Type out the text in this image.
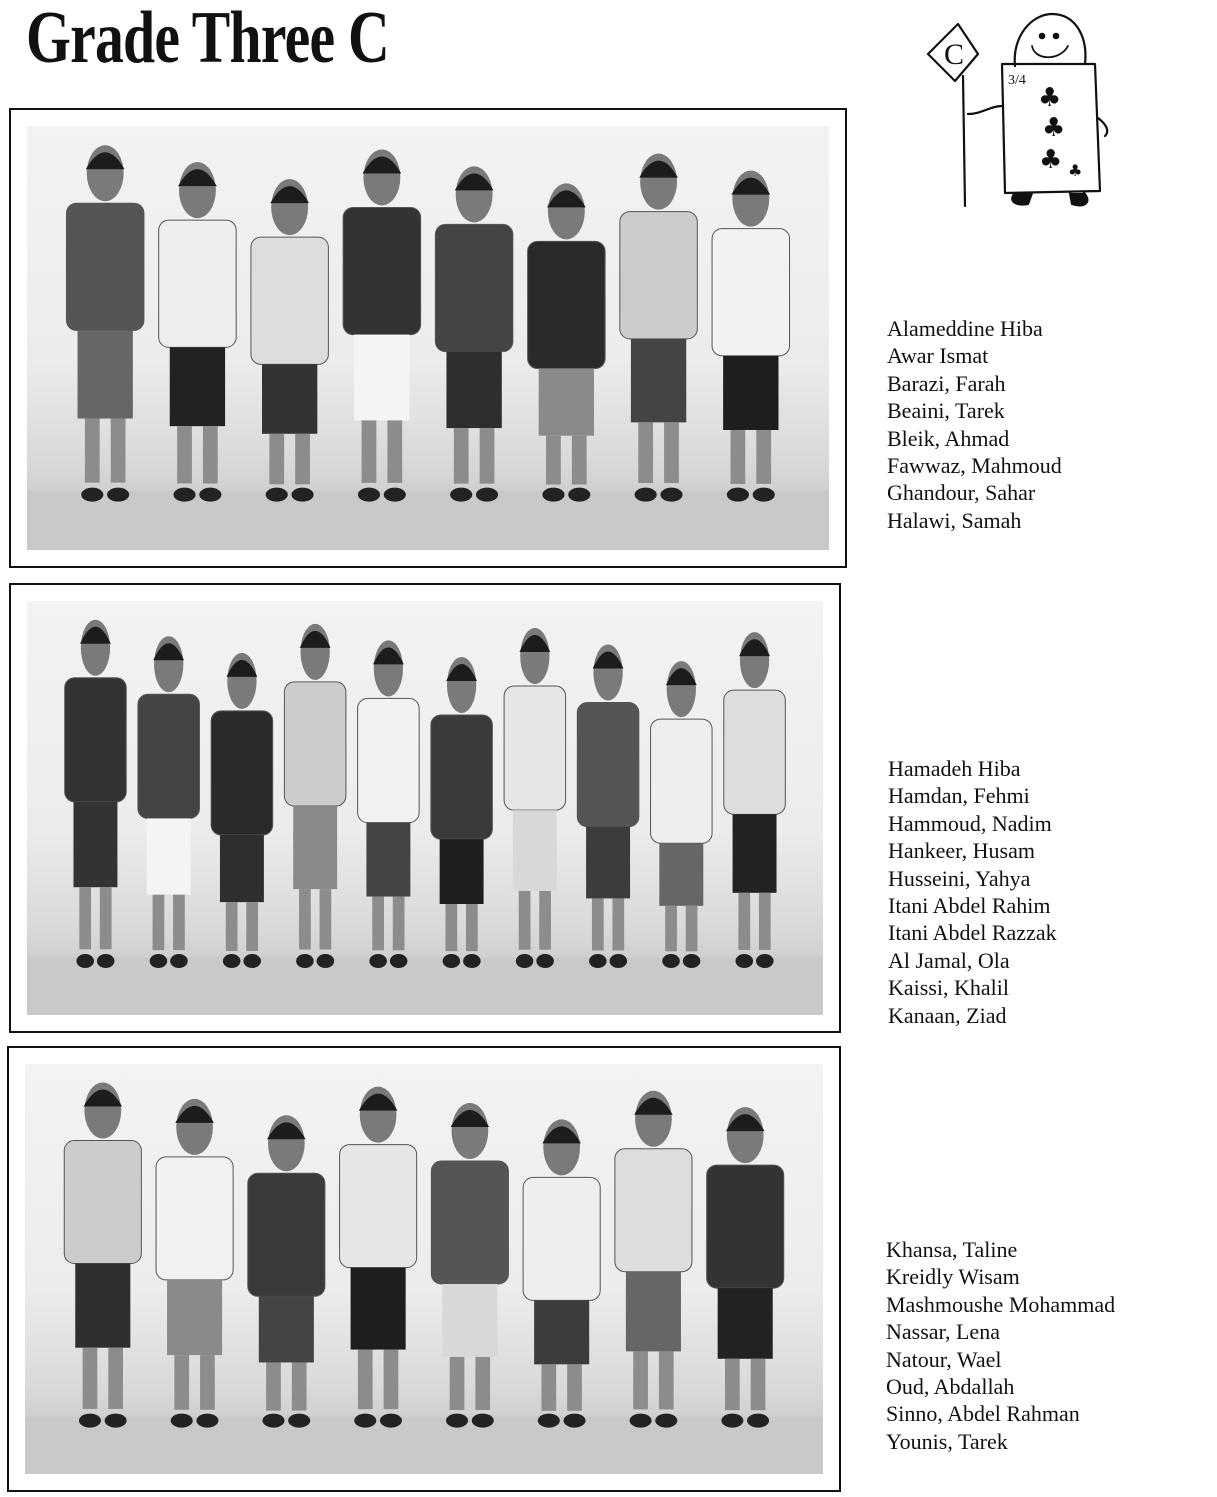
Grade Three C	C
3/4
♣
♣
♣ ♣
Alameddine Hiba
Awar Ismat
Barazi, Farah
Beaini, Tarek
Bleik, Ahmad
Fawwaz, Mahmoud
Ghandour, Sahar
Halawi, Samah
Hamadeh Hiba
Hamdan, Fehmi
Hammoud, Nadim
Hankeer, Husam
Husseini, Yahya
Itani Abdel Rahim
Itani Abdel Razzak
Al Jamal, Ola
Kaissi, Khalil
Kanaan, Ziad
Khansa, Taline
Kreidly Wisam
Mashmoushe Mohammad
Nassar, Lena
Natour, Wael
Oud, Abdallah
Sinno, Abdel Rahman
Younis, Tarek
